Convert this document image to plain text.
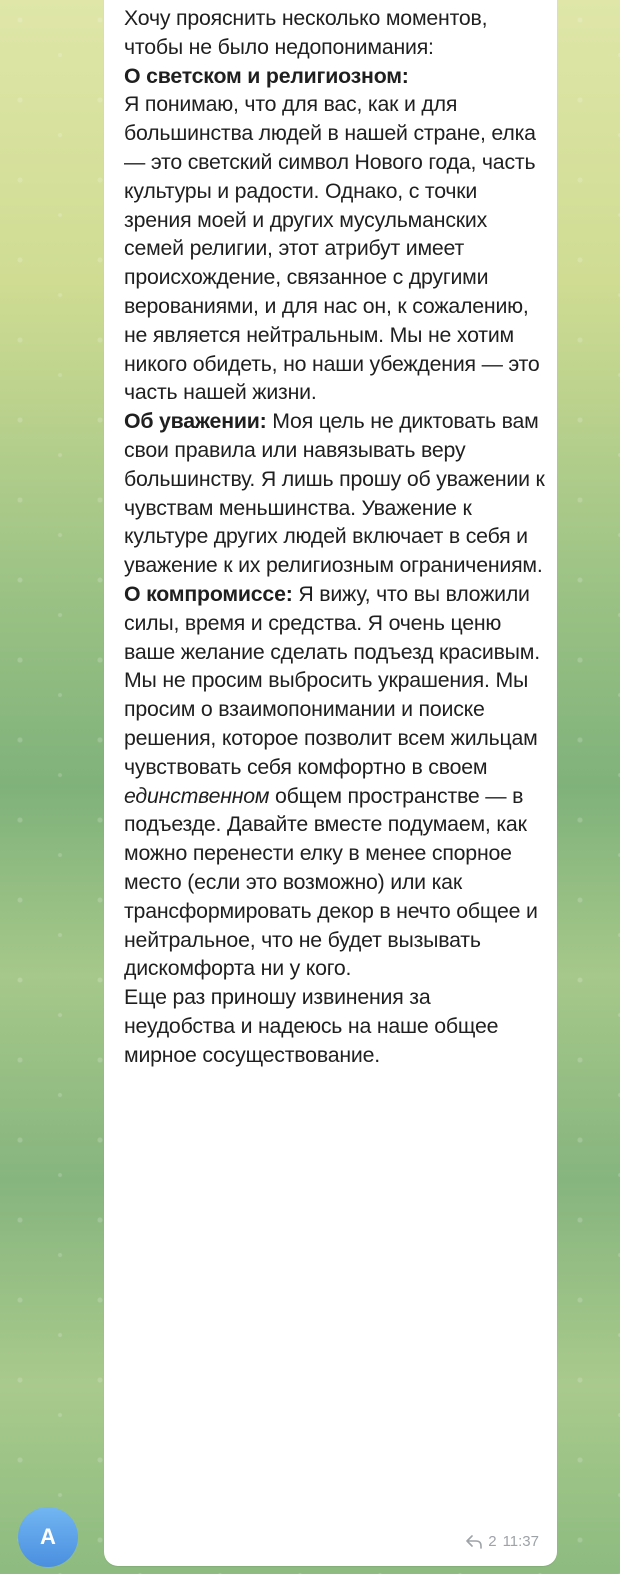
Хочу прояснить несколько моментов, чтобы не было недопонимания:
О светском и религиозном:
Я понимаю, что для вас, как и для большинства людей в нашей стране, елка — это светский символ Нового года, часть культуры и радости. Однако, с точки зрения моей и других мусульманских семей религии, этот атрибут имеет происхождение, связанное с другими верованиями, и для нас он, к сожалению, не является нейтральным. Мы не хотим никого обидеть, но наши убеждения — это часть нашей жизни.
Об уважении: Моя цель не диктовать вам свои правила или навязывать веру большинству. Я лишь прошу об уважении к чувствам меньшинства. Уважение к культуре других людей включает в себя и уважение к их религиозным ограничениям.
О компромиссе: Я вижу, что вы вложили силы, время и средства. Я очень ценю ваше желание сделать подъезд красивым. Мы не просим выбросить украшения. Мы просим о взаимопонимании и поиске решения, которое позволит всем жильцам чувствовать себя комфортно в своем единственном общем пространстве — в подъезде. Давайте вместе подумаем, как можно перенести елку в менее спорное место (если это возможно) или как трансформировать декор в нечто общее и нейтральное, что не будет вызывать дискомфорта ни у кого.
Еще раз приношу извинения за неудобства и надеюсь на наше общее мирное сосуществование.
2 11:37
А
